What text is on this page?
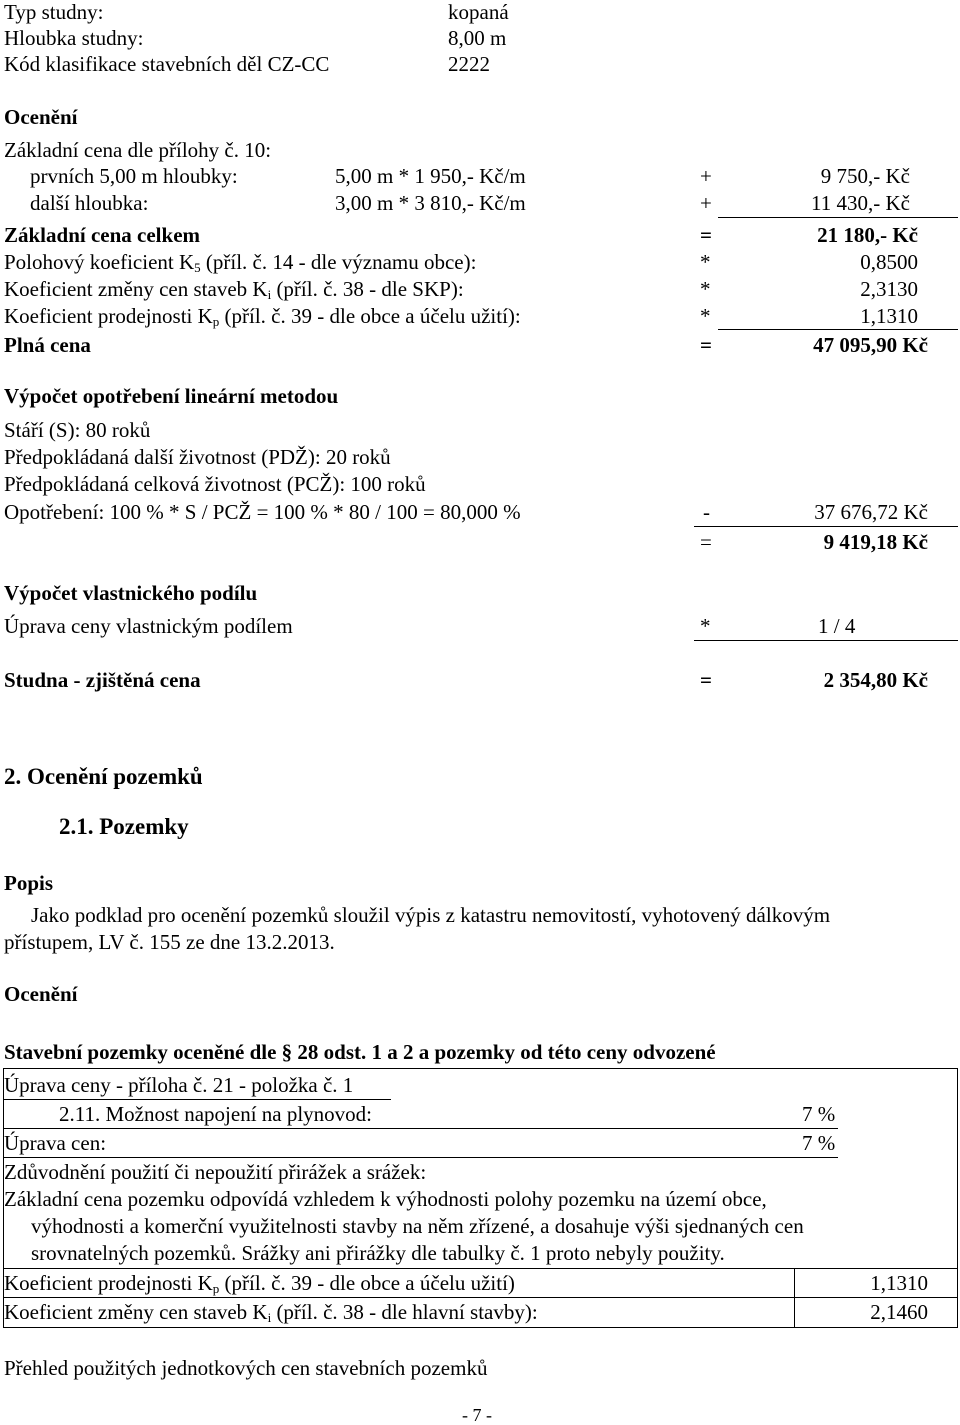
Typ studny:	kopaná
Hloubka studny:	8,00 m
Kód klasifikace stavebních děl CZ-CC	2222
Ocenění
Základní cena dle přílohy č. 10:
prvních 5,00 m hloubky:	5,00 m * 1 950,- Kč/m	+	9 750,- Kč
další hloubka:	3,00 m * 3 810,- Kč/m	+	11 430,- Kč
Základní cena celkem	=	21 180,- Kč
Polohový koeficient $K_5$ (příl. č. 14 - dle významu obce):	*	0,8500
Koeficient změny cen staveb $K_i$ (příl. č. 38 - dle SKP):	*	2,3130
Koeficient prodejnosti $K_p$ (příl. č. 39 - dle obce a účelu užití):	*	1,1310
Plná cena	=	47 095,90 Kč
Výpočet opotřebení lineární metodou
Stáří (S): 80 roků
Předpokládaná další životnost (PDŽ): 20 roků
Předpokládaná celková životnost (PCŽ): 100 roků
Opotřebení: 100 % * S / PCŽ = 100 % * 80 / 100 = 80,000 %	-	37 676,72 Kč
=	9 419,18 Kč
Výpočet vlastnického podílu
Úprava ceny vlastnickým podílem	*	1 / 4
Studna - zjištěná cena	=	2 354,80 Kč
2. Ocenění pozemků
2.1. Pozemky
Popis
Jako podklad pro ocenění pozemků sloužil výpis z katastru nemovitostí, vyhotovený dálkovým
přístupem, LV č. 155 ze dne 13.2.2013.
Ocenění
Stavební pozemky oceněné dle § 28 odst. 1 a 2 a pozemky od této ceny odvozené
Úprava ceny - příloha č. 21 - položka č. 1
2.11. Možnost napojení na plynovod:	7 %
Úprava cen:	7 %
Zdůvodnění použití či nepoužití přirážek a srážek:
Základní cena pozemku odpovídá vzhledem k výhodnosti polohy pozemku na území obce,
výhodnosti a komerční využitelnosti stavby na něm zřízené, a dosahuje výši sjednaných cen
srovnatelných pozemků. Srážky ani přirážky dle tabulky č. 1 proto nebyly použity.
Koeficient prodejnosti $K_p$ (příl. č. 39 - dle obce a účelu užití)	1,1310
Koeficient změny cen staveb $K_i$ (příl. č. 38 - dle hlavní stavby):	2,1460
Přehled použitých jednotkových cen stavebních pozemků
- 7 -
